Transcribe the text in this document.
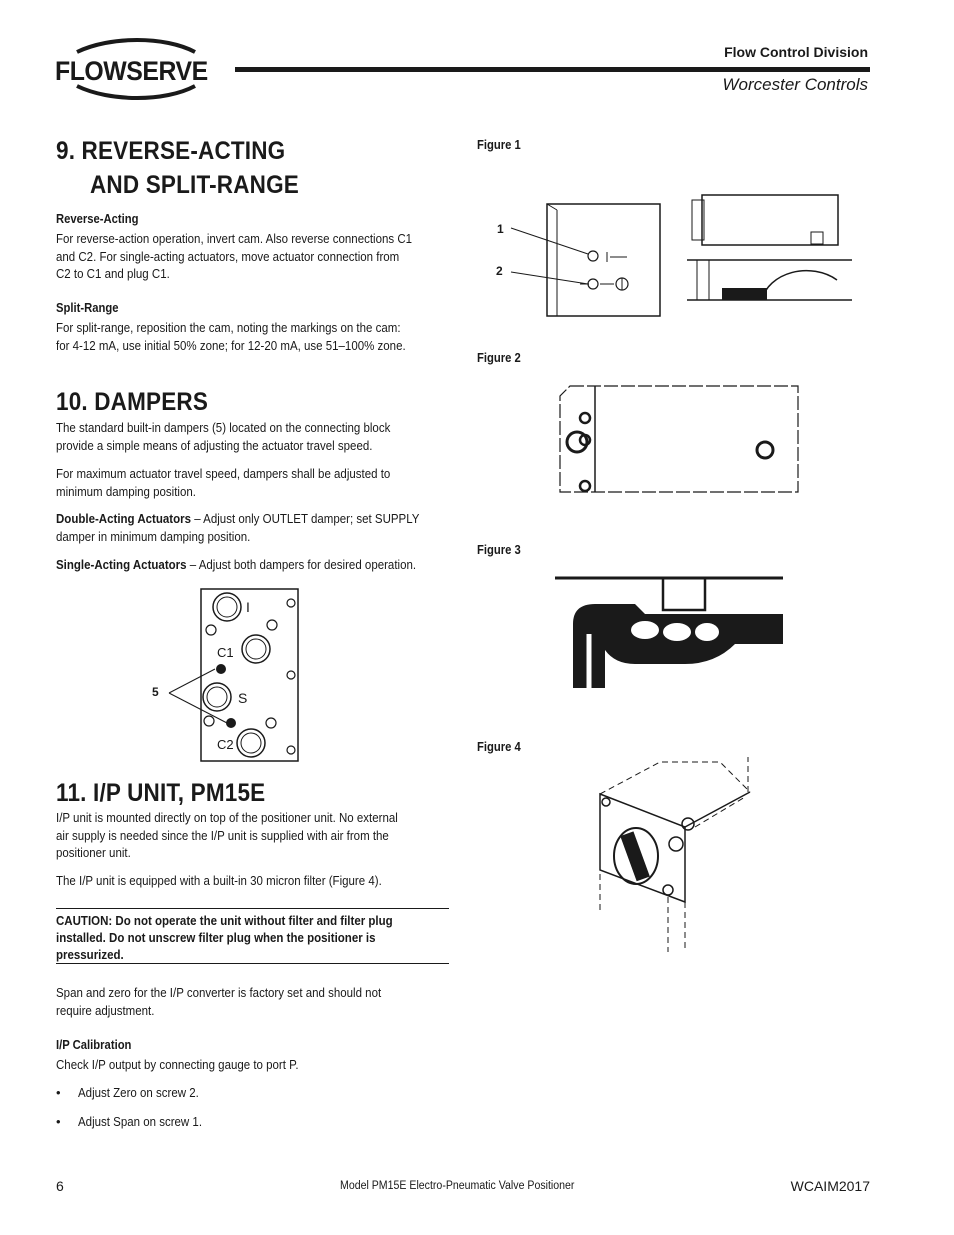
FLOWSERVE
Flow Control Division
Worcester Controls
9. REVERSE-ACTING
AND SPLIT-RANGE
Reverse-Acting
For reverse-action operation, invert cam. Also reverse connections C1
and C2. For single-acting actuators, move actuator connection from
C2 to C1 and plug C1.
Split-Range
For split-range, reposition the cam, noting the markings on the cam:
for 4-12 mA, use initial 50% zone; for 12-20 mA, use 51–100% zone.
10. DAMPERS
The standard built-in dampers (5) located on the connecting block
provide a simple means of adjusting the actuator travel speed.
For maximum actuator travel speed, dampers shall be adjusted to
minimum damping position.
Double-Acting Actuators – Adjust only OUTLET damper; set SUPPLY
damper in minimum damping position.
Single-Acting Actuators – Adjust both dampers for desired operation.
I
C1
S
C2
5
11. I/P UNIT, PM15E
I/P unit is mounted directly on top of the positioner unit. No external
air supply is needed since the I/P unit is supplied with air from the
positioner unit.
The I/P unit is equipped with a built-in 30 micron filter (Figure 4).
CAUTION: Do not operate the unit without filter and filter plug
installed. Do not unscrew filter plug when the positioner is
pressurized.
Span and zero for the I/P converter is factory set and should not
require adjustment.
I/P Calibration
Check I/P output by connecting gauge to port P.
• Adjust Zero on screw 2.
• Adjust Span on screw 1.
Figure 1
1
2
Figure 2
Figure 3
Figure 4
6	Model PM15E Electro-Pneumatic Valve Positioner	WCAIM2017
